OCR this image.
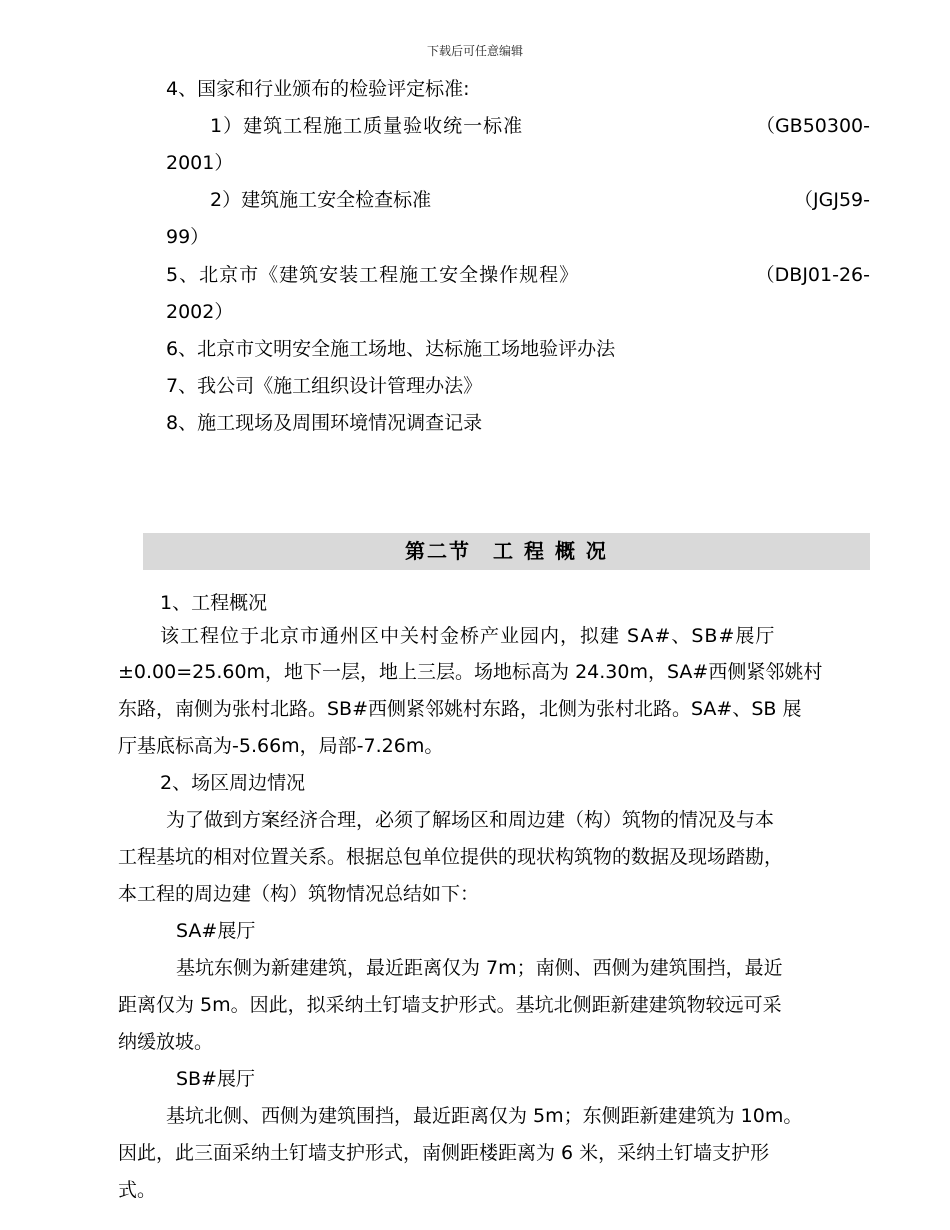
下载后可任意编辑
4、国家和行业颁布的检验评定标准:
1）建筑工程施工质量验收统一标准	（GB50300-
2001）
2）建筑施工安全检查标准	（JGJ59-
99）
5、北京市《建筑安装工程施工安全操作规程》	（DBJ01-26-
2002）
6、北京市文明安全施工场地、达标施工场地验评办法
7、我公司《施工组织设计管理办法》
8、施工现场及周围环境情况调查记录
第二节　工 程 概 况
1、工程概况
该工程位于北京市通州区中关村金桥产业园内，拟建 SA#、SB#展厅
±0.00=25.60m，地下一层，地上三层。场地标高为 24.30m，SA#西侧紧邻姚村
东路，南侧为张村北路。SB#西侧紧邻姚村东路，北侧为张村北路。SA#、SB 展
厅基底标高为-5.66m，局部-7.26m。
2、场区周边情况
为了做到方案经济合理，必须了解场区和周边建（构）筑物的情况及与本
工程基坑的相对位置关系。根据总包单位提供的现状构筑物的数据及现场踏勘，
本工程的周边建（构）筑物情况总结如下：
SA#展厅
基坑东侧为新建建筑，最近距离仅为 7m；南侧、西侧为建筑围挡，最近
距离仅为 5m。因此，拟采纳土钉墙支护形式。基坑北侧距新建建筑物较远可采
纳缓放坡。
SB#展厅
基坑北侧、西侧为建筑围挡，最近距离仅为 5m；东侧距新建建筑为 10m。
因此，此三面采纳土钉墙支护形式，南侧距楼距离为 6 米，采纳土钉墙支护形
式。
